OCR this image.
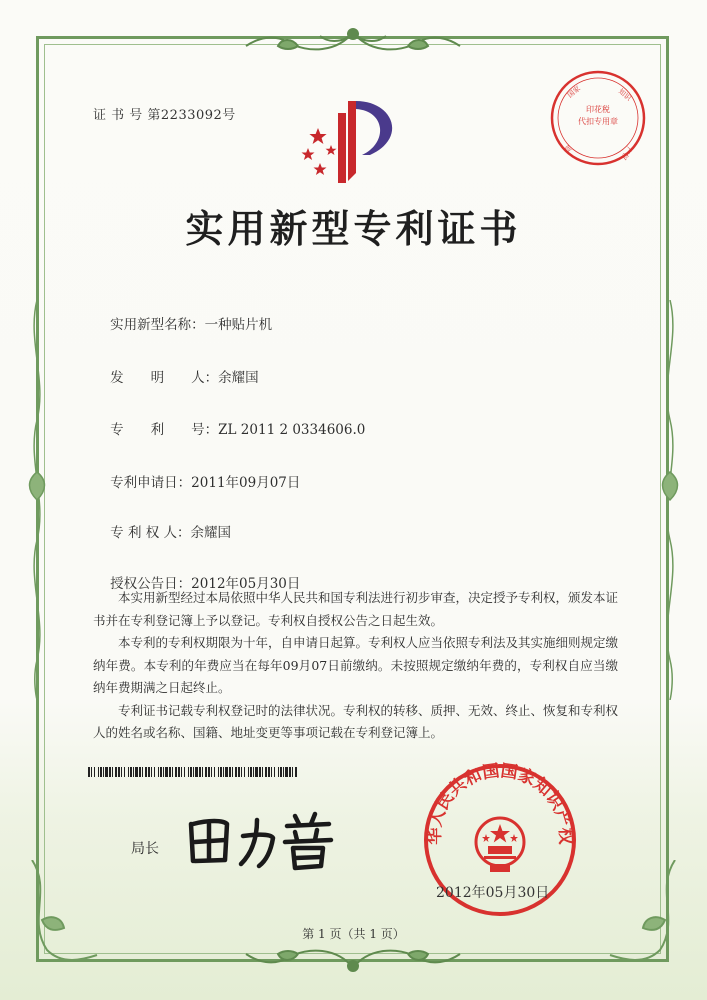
证 书 号 第2233092号	印花税
代扣专用章
国家	知识
产权
局
实用新型专利证书

实用新型名称：一种贴片机

发　　明　　人：余耀国

专　　利　　号：ZL 2011 2 0334606.0

专利申请日：2011年09月07日

专 利 权 人：余耀国

授权公告日：2012年05月30日

本实用新型经过本局依照中华人民共和国专利法进行初步审查，决定授予专利权，颁发本证书并在专利登记簿上予以登记。专利权自授权公告之日起生效。

本专利的专利权期限为十年，自申请日起算。专利权人应当依照专利法及其实施细则规定缴纳年费。本专利的年费应当在每年09月07日前缴纳。未按照规定缴纳年费的，专利权自应当缴纳年费期满之日起终止。

专利证书记载专利权登记时的法律状况。专利权的转移、质押、无效、终止、恢复和专利权人的姓名或名称、国籍、地址变更等事项记载在专利登记簿上。

局长
华人民共和国国家知识产权
2012年05月30日
第 1 页（共 1 页）
